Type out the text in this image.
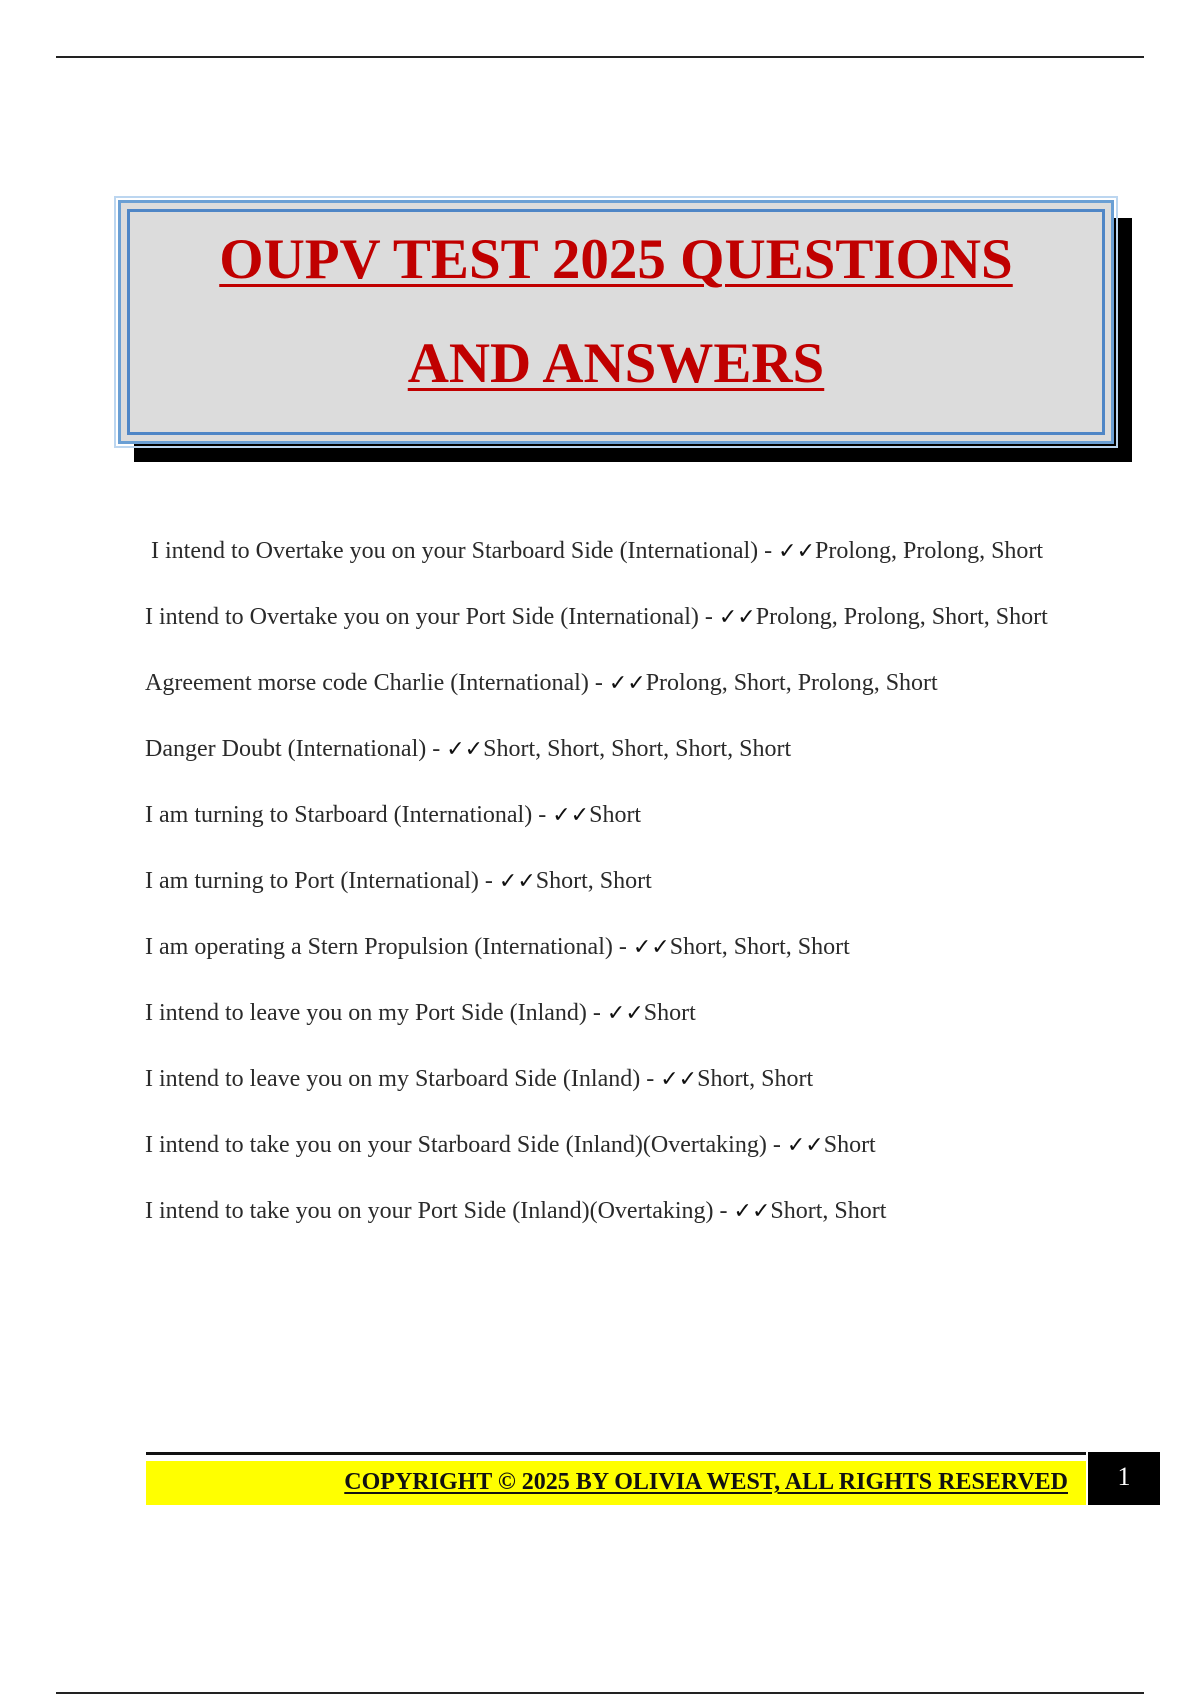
OUPV TEST 2025 QUESTIONS
AND ANSWERS
I intend to Overtake you on your Starboard Side (International) - ✓✓Prolong, Prolong, Short
I intend to Overtake you on your Port Side (International) - ✓✓Prolong, Prolong, Short, Short
Agreement morse code Charlie (International) - ✓✓Prolong, Short, Prolong, Short
Danger Doubt (International) - ✓✓Short, Short, Short, Short, Short
I am turning to Starboard (International) - ✓✓Short
I am turning to Port (International) - ✓✓Short, Short
I am operating a Stern Propulsion (International) - ✓✓Short, Short, Short
I intend to leave you on my Port Side (Inland) - ✓✓Short
I intend to leave you on my Starboard Side (Inland) - ✓✓Short, Short
I intend to take you on your Starboard Side (Inland)(Overtaking) - ✓✓Short
I intend to take you on your Port Side (Inland)(Overtaking) - ✓✓Short, Short
COPYRIGHT © 2025 BY OLIVIA WEST, ALL RIGHTS RESERVED	1
